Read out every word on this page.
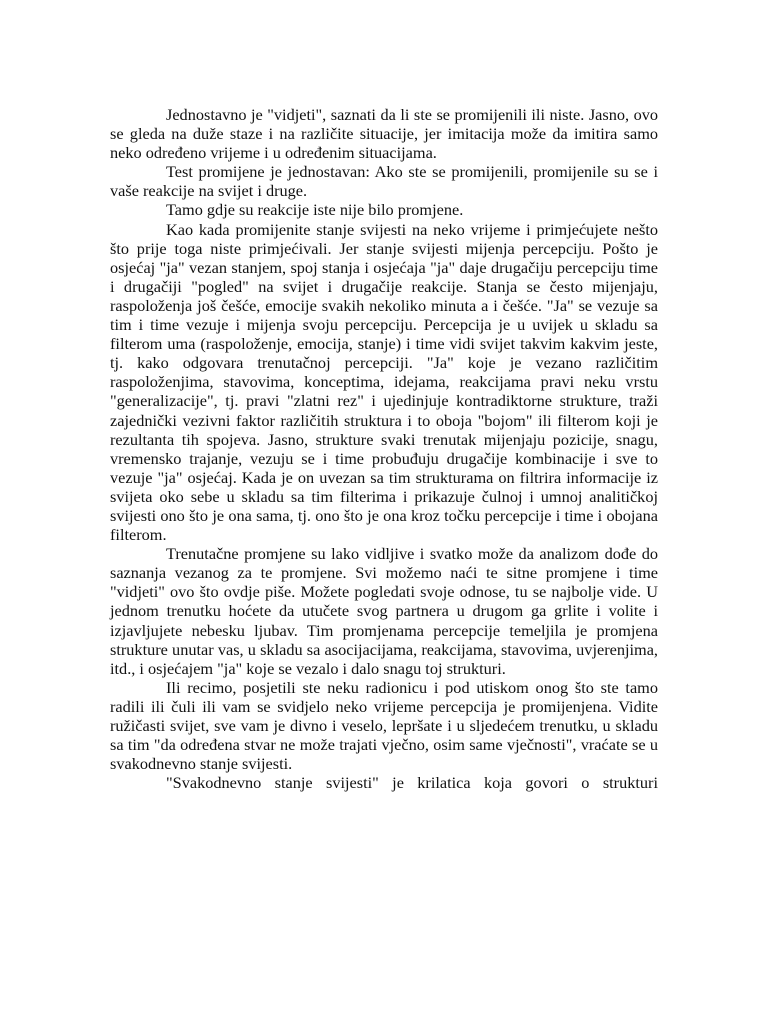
Jednostavno je "vidjeti", saznati da li ste se promijenili ili niste. Jasno, ovo se gleda na duže staze i na različite situacije, jer imitacija može da imitira samo neko određeno vrijeme i u određenim situacijama.

Test promijene je jednostavan: Ako ste se promijenili, promijenile su se i vaše reakcije na svijet i druge.

Tamo gdje su reakcije iste nije bilo promjene.

Kao kada promijenite stanje svijesti na neko vrijeme i primjećujete nešto što prije toga niste primjećivali. Jer stanje svijesti mijenja percepciju. Pošto je osjećaj "ja" vezan stanjem, spoj stanja i osjećaja "ja" daje drugačiju percepciju time i drugačiji "pogled" na svijet i drugačije reakcije. Stanja se često mijenjaju, raspoloženja još češće, emocije svakih nekoliko minuta a i češće. "Ja" se vezuje sa tim i time vezuje i mijenja svoju percepciju. Percepcija je u uvijek u skladu sa filterom uma (raspoloženje, emocija, stanje) i time vidi svijet takvim kakvim jeste, tj. kako odgovara trenutačnoj percepciji. "Ja" koje je vezano različitim raspoloženjima, stavovima, konceptima, idejama, reakcijama pravi neku vrstu "generalizacije", tj. pravi "zlatni rez" i ujedinjuje kontradiktorne strukture, traži zajednički vezivni faktor različitih struktura i to oboja "bojom" ili filterom koji je rezultanta tih spojeva. Jasno, strukture svaki trenutak mijenjaju pozicije, snagu, vremensko trajanje, vezuju se i time probuđuju drugačije kombinacije i sve to vezuje "ja" osjećaj. Kada je on uvezan sa tim strukturama on filtrira informacije iz svijeta oko sebe u skladu sa tim filterima i prikazuje čulnoj i umnoj analitičkoj svijesti ono što je ona sama, tj. ono što je ona kroz točku percepcije i time i obojana filterom.

Trenutačne promjene su lako vidljive i svatko može da analizom dođe do saznanja vezanog za te promjene. Svi možemo naći te sitne promjene i time "vidjeti" ovo što ovdje piše. Možete pogledati svoje odnose, tu se najbolje vide. U jednom trenutku hoćete da utučete svog partnera u drugom ga grlite i volite i izjavljujete nebesku ljubav. Tim promjenama percepcije temeljila je promjena strukture unutar vas, u skladu sa asocijacijama, reakcijama, stavovima, uvjerenjima, itd., i osjećajem "ja" koje se vezalo i dalo snagu toj strukturi.

Ili recimo, posjetili ste neku radionicu i pod utiskom onog što ste tamo radili ili čuli ili vam se svidjelo neko vrijeme percepcija je promijenjena. Vidite ružičasti svijet, sve vam je divno i veselo, lepršate i u sljedećem trenutku, u skladu sa tim "da određena stvar ne može trajati vječno, osim same vječnosti", vraćate se u svakodnevno stanje svijesti.

"Svakodnevno stanje svijesti" je krilatica koja govori o strukturi
